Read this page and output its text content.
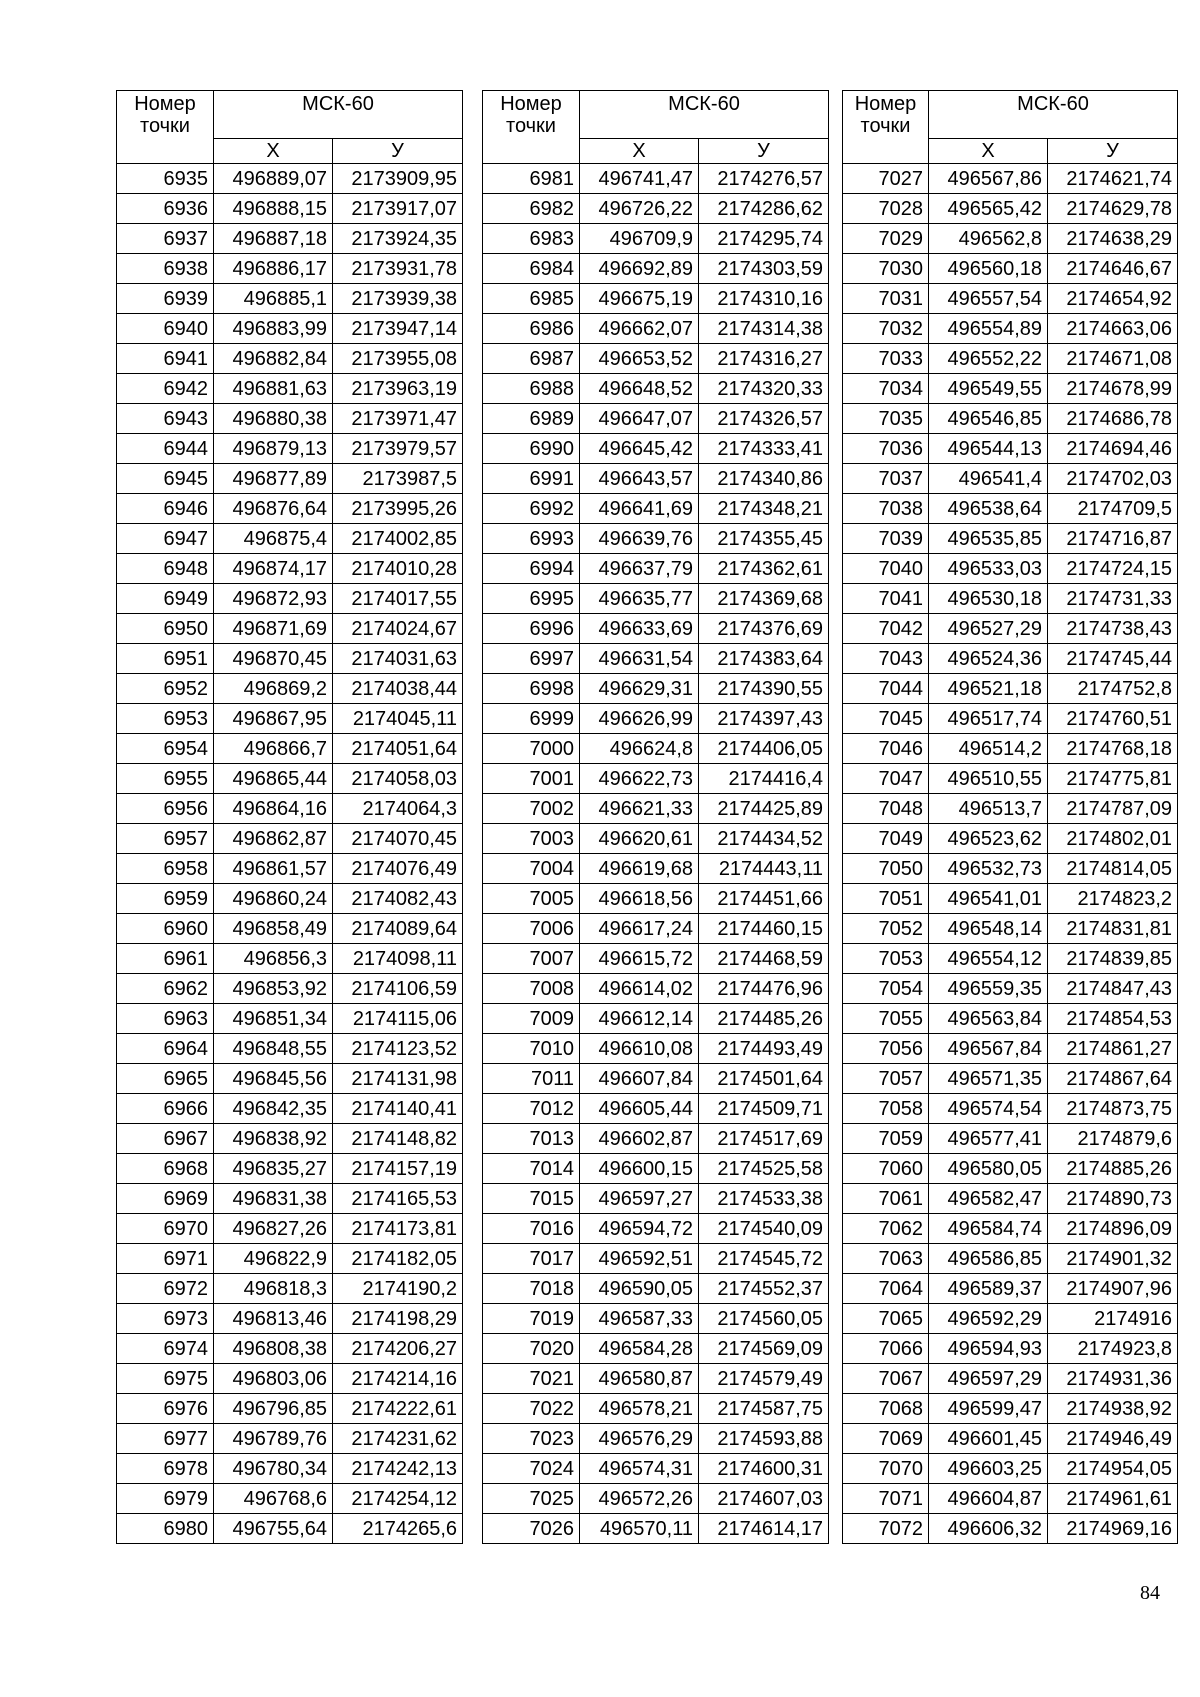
Номер точки	МСК-60	
	Х	У
6935	496889,07	2173909,95
6936	496888,15	2173917,07
6937	496887,18	2173924,35
6938	496886,17	2173931,78
6939	496885,1	2173939,38
6940	496883,99	2173947,14
6941	496882,84	2173955,08
6942	496881,63	2173963,19
6943	496880,38	2173971,47
6944	496879,13	2173979,57
6945	496877,89	2173987,5
6946	496876,64	2173995,26
6947	496875,4	2174002,85
6948	496874,17	2174010,28
6949	496872,93	2174017,55
6950	496871,69	2174024,67
6951	496870,45	2174031,63
6952	496869,2	2174038,44
6953	496867,95	2174045,11
6954	496866,7	2174051,64
6955	496865,44	2174058,03
6956	496864,16	2174064,3
6957	496862,87	2174070,45
6958	496861,57	2174076,49
6959	496860,24	2174082,43
6960	496858,49	2174089,64
6961	496856,3	2174098,11
6962	496853,92	2174106,59
6963	496851,34	2174115,06
6964	496848,55	2174123,52
6965	496845,56	2174131,98
6966	496842,35	2174140,41
6967	496838,92	2174148,82
6968	496835,27	2174157,19
6969	496831,38	2174165,53
6970	496827,26	2174173,81
6971	496822,9	2174182,05
6972	496818,3	2174190,2
6973	496813,46	2174198,29
6974	496808,38	2174206,27
6975	496803,06	2174214,16
6976	496796,85	2174222,61
6977	496789,76	2174231,62
6978	496780,34	2174242,13
6979	496768,6	2174254,12
6980	496755,64	2174265,6
Номер точки	МСК-60	
	Х	У
6981	496741,47	2174276,57
6982	496726,22	2174286,62
6983	496709,9	2174295,74
6984	496692,89	2174303,59
6985	496675,19	2174310,16
6986	496662,07	2174314,38
6987	496653,52	2174316,27
6988	496648,52	2174320,33
6989	496647,07	2174326,57
6990	496645,42	2174333,41
6991	496643,57	2174340,86
6992	496641,69	2174348,21
6993	496639,76	2174355,45
6994	496637,79	2174362,61
6995	496635,77	2174369,68
6996	496633,69	2174376,69
6997	496631,54	2174383,64
6998	496629,31	2174390,55
6999	496626,99	2174397,43
7000	496624,8	2174406,05
7001	496622,73	2174416,4
7002	496621,33	2174425,89
7003	496620,61	2174434,52
7004	496619,68	2174443,11
7005	496618,56	2174451,66
7006	496617,24	2174460,15
7007	496615,72	2174468,59
7008	496614,02	2174476,96
7009	496612,14	2174485,26
7010	496610,08	2174493,49
7011	496607,84	2174501,64
7012	496605,44	2174509,71
7013	496602,87	2174517,69
7014	496600,15	2174525,58
7015	496597,27	2174533,38
7016	496594,72	2174540,09
7017	496592,51	2174545,72
7018	496590,05	2174552,37
7019	496587,33	2174560,05
7020	496584,28	2174569,09
7021	496580,87	2174579,49
7022	496578,21	2174587,75
7023	496576,29	2174593,88
7024	496574,31	2174600,31
7025	496572,26	2174607,03
7026	496570,11	2174614,17
Номер точки	МСК-60	
	Х	У
7027	496567,86	2174621,74
7028	496565,42	2174629,78
7029	496562,8	2174638,29
7030	496560,18	2174646,67
7031	496557,54	2174654,92
7032	496554,89	2174663,06
7033	496552,22	2174671,08
7034	496549,55	2174678,99
7035	496546,85	2174686,78
7036	496544,13	2174694,46
7037	496541,4	2174702,03
7038	496538,64	2174709,5
7039	496535,85	2174716,87
7040	496533,03	2174724,15
7041	496530,18	2174731,33
7042	496527,29	2174738,43
7043	496524,36	2174745,44
7044	496521,18	2174752,8
7045	496517,74	2174760,51
7046	496514,2	2174768,18
7047	496510,55	2174775,81
7048	496513,7	2174787,09
7049	496523,62	2174802,01
7050	496532,73	2174814,05
7051	496541,01	2174823,2
7052	496548,14	2174831,81
7053	496554,12	2174839,85
7054	496559,35	2174847,43
7055	496563,84	2174854,53
7056	496567,84	2174861,27
7057	496571,35	2174867,64
7058	496574,54	2174873,75
7059	496577,41	2174879,6
7060	496580,05	2174885,26
7061	496582,47	2174890,73
7062	496584,74	2174896,09
7063	496586,85	2174901,32
7064	496589,37	2174907,96
7065	496592,29	2174916
7066	496594,93	2174923,8
7067	496597,29	2174931,36
7068	496599,47	2174938,92
7069	496601,45	2174946,49
7070	496603,25	2174954,05
7071	496604,87	2174961,61
7072	496606,32	2174969,16
84
